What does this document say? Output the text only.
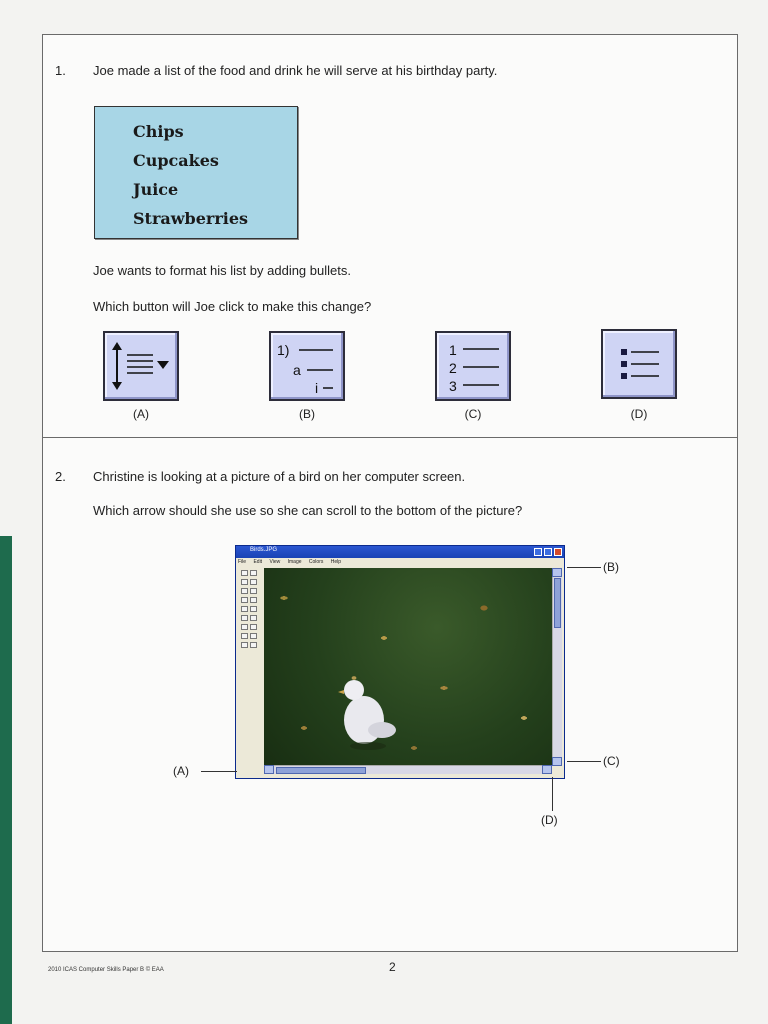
1. Joe made a list of the food and drink he will serve at his birthday party.
Chips
Cupcakes
Juice
Strawberries
Joe wants to format his list by adding bullets.
Which button will Joe click to make this change?
(A)
1)
a
i
(B)
1
2
3
(C)	(D)
2. Christine is looking at a picture of a bird on her computer screen.
Which arrow should she use so she can scroll to the bottom of the picture?
Birds.JPG
File Edit View Image Colors Help	(B)
(C)
(A)
(D)
2010 ICAS Computer Skills Paper B © EAA	2
